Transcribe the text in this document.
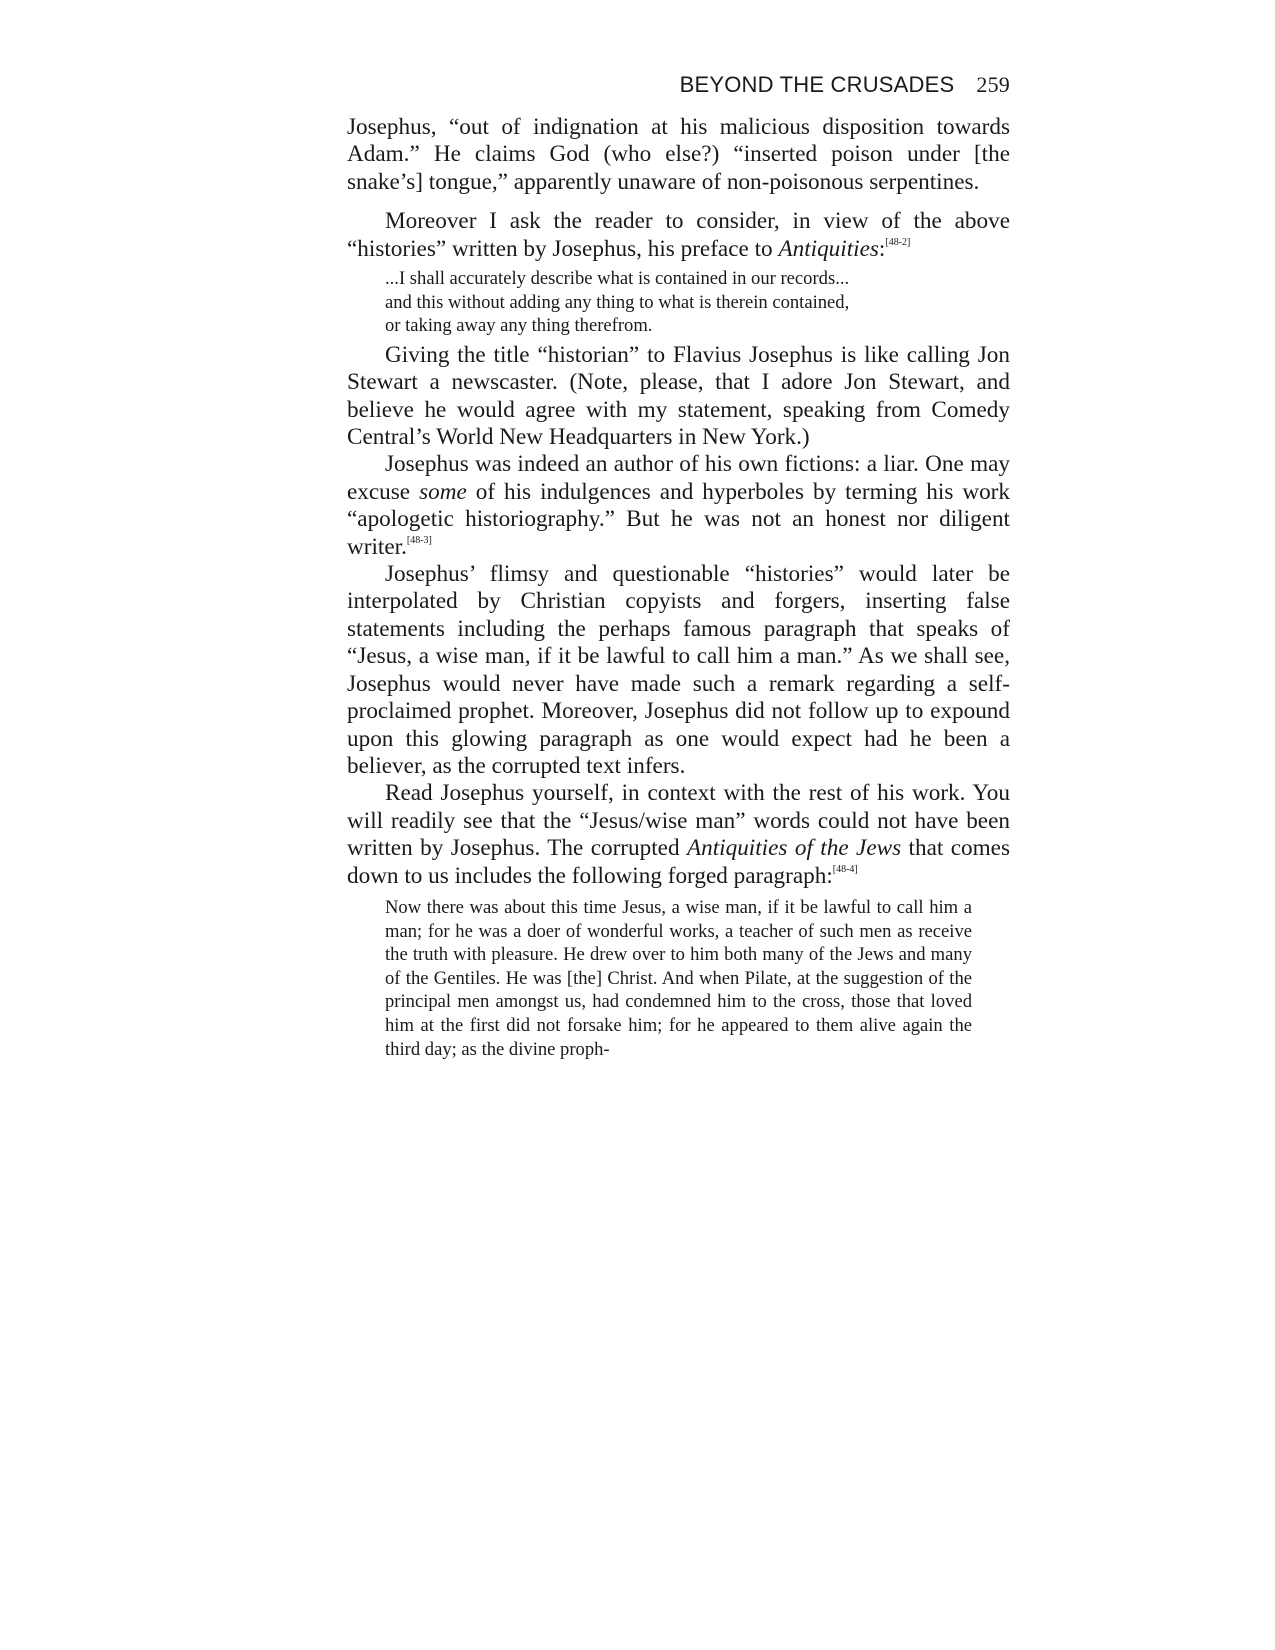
BEYOND THE CRUSADES 259

Josephus, “out of indignation at his malicious disposition towards Adam.” He claims God (who else?) “inserted poison under [the snake’s] tongue,” apparently unaware of non-poisonous serpentines.

Moreover I ask the reader to consider, in view of the above “histories” written by Josephus, his preface to Antiquities:[48-2]

...I shall accurately describe what is contained in our records...
and this without adding any thing to what is therein contained,
or taking away any thing therefrom.

Giving the title “historian” to Flavius Josephus is like calling Jon Stewart a newscaster. (Note, please, that I adore Jon Stewart, and believe he would agree with my statement, speaking from Comedy Central’s World New Headquarters in New York.)

Josephus was indeed an author of his own fictions: a liar. One may excuse some of his indulgences and hyperboles by terming his work “apologetic historiography.” But he was not an honest nor diligent writer.[48-3]

Josephus’ flimsy and questionable “histories” would later be interpolated by Christian copyists and forgers, inserting false statements including the perhaps famous paragraph that speaks of “Jesus, a wise man, if it be lawful to call him a man.” As we shall see, Josephus would never have made such a remark regarding a self-proclaimed prophet. Moreover, Josephus did not follow up to expound upon this glowing paragraph as one would expect had he been a believer, as the corrupted text infers.

Read Josephus yourself, in context with the rest of his work. You will readily see that the “Jesus/wise man” words could not have been written by Josephus. The corrupted Antiquities of the Jews that comes down to us includes the following forged paragraph:[48-4]

Now there was about this time Jesus, a wise man, if it be lawful to call him a man; for he was a doer of wonderful works, a teacher of such men as receive the truth with pleasure. He drew over to him both many of the Jews and many of the Gentiles. He was [the] Christ. And when Pilate, at the suggestion of the principal men amongst us, had condemned him to the cross, those that loved him at the first did not forsake him; for he appeared to them alive again the third day; as the divine proph-
